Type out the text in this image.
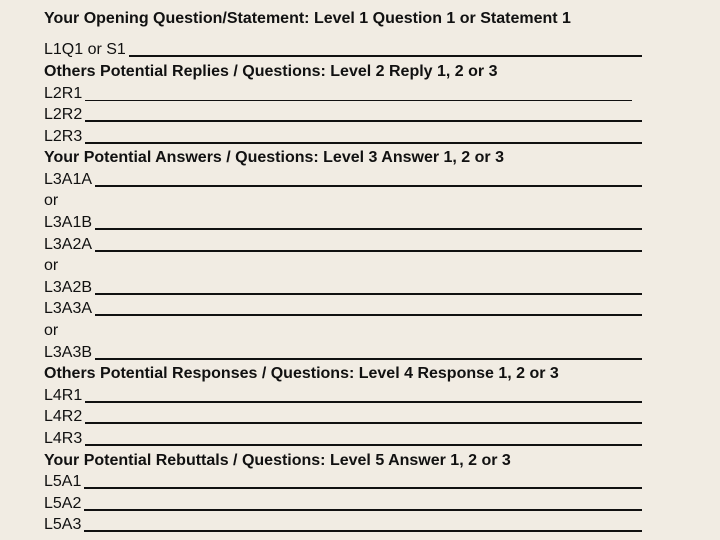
Your Opening Question/Statement: Level 1 Question 1 or Statement 1
L1Q1 or S1
Others Potential Replies / Questions: Level 2 Reply 1, 2 or 3
L2R1
L2R2
L2R3
Your Potential Answers / Questions: Level 3 Answer 1, 2 or 3
L3A1A
or
L3A1B
L3A2A
or
L3A2B
L3A3A
or
L3A3B
Others Potential Responses / Questions: Level 4 Response 1, 2 or 3
L4R1
L4R2
L4R3
Your Potential Rebuttals / Questions: Level 5 Answer 1, 2 or 3
L5A1
L5A2
L5A3
